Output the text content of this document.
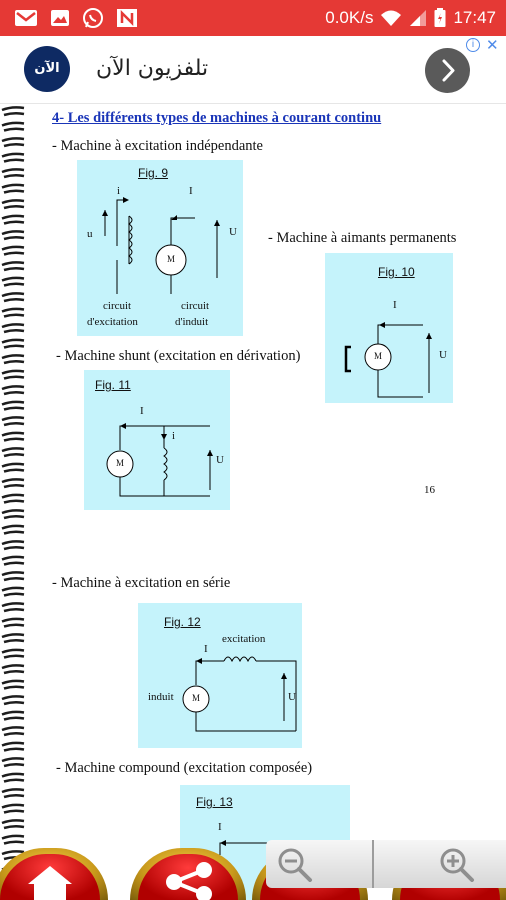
0.0K/s	17:47
الآن	تلفزيون الآن
i ✕
4- Les différents types de machines à courant continu
- Machine à excitation indépendante
- Machine à aimants permanents
- Machine shunt (excitation en dérivation)
- Machine à excitation en série
- Machine compound (excitation composée)
16
Fig. 9
i	I
u	U
M
circuit
d'excitation
circuit
d'induit
Fig. 10
I
U
M
Fig. 11
I
i
U
M
Fig. 12
I
excitation
induit	U
M
Fig. 13
I
